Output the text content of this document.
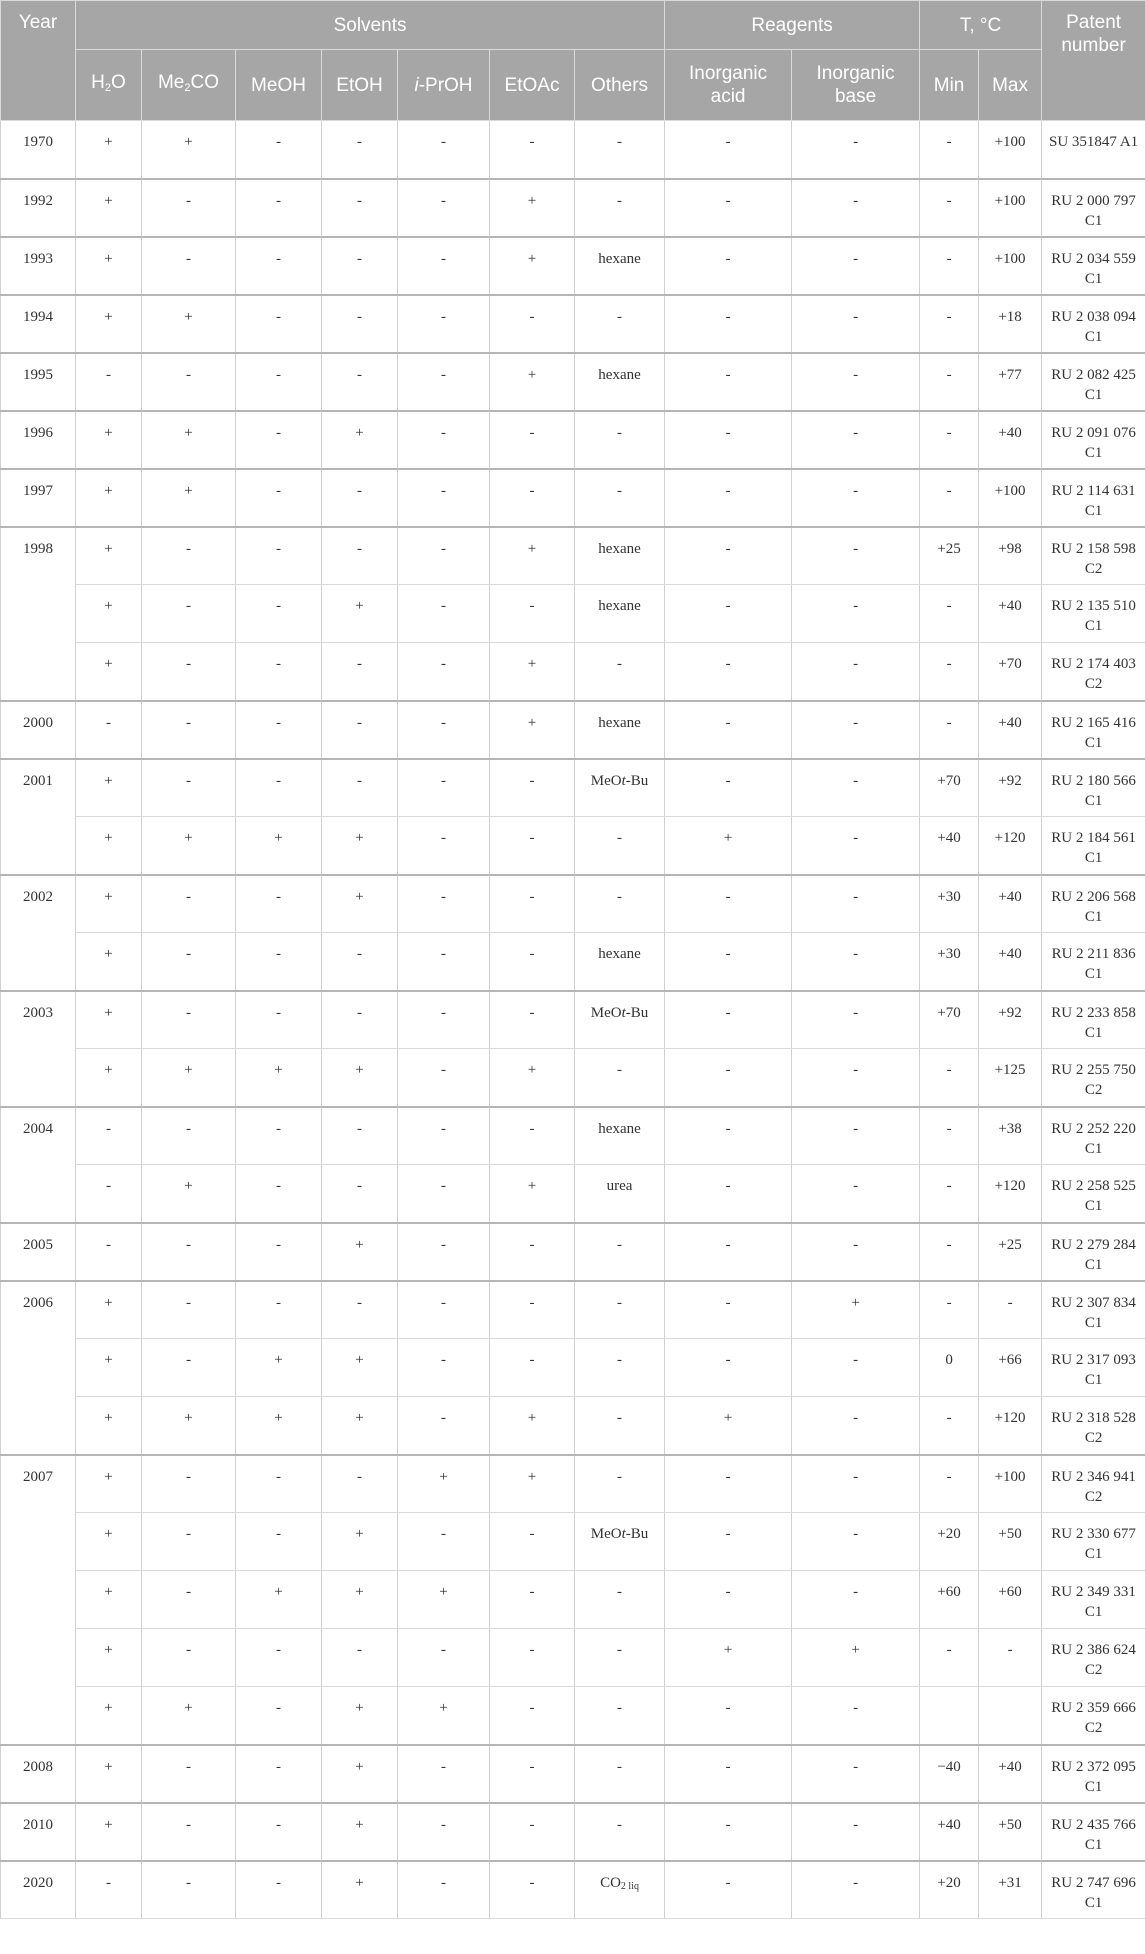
Year	Solvents							Reagents		T, °C		Patent number
	$H_2O$	$Me_2CO$	MeOH	EtOH	i-PrOH	EtOAc	Others	Inorganic acid	Inorganic base	Min	Max	
1970	+	+	-	-	-	-	-	-	-	-	+100	SU 351847 A1
1992	+	-	-	-	-	+	-	-	-	-	+100	RU 2 000 797 C1
1993	+	-	-	-	-	+	hexane	-	-	-	+100	RU 2 034 559 C1
1994	+	+	-	-	-	-	-	-	-	-	+18	RU 2 038 094 C1
1995	-	-	-	-	-	+	hexane	-	-	-	+77	RU 2 082 425 C1
1996	+	+	-	+	-	-	-	-	-	-	+40	RU 2 091 076 C1
1997	+	+	-	-	-	-	-	-	-	-	+100	RU 2 114 631 C1
1998	+	-	-	-	-	+	hexane	-	-	+25	+98	RU 2 158 598 C2
	+	-	-	+	-	-	hexane	-	-	-	+40	RU 2 135 510 C1
	+	-	-	-	-	+	-	-	-	-	+70	RU 2 174 403 C2
2000	-	-	-	-	-	+	hexane	-	-	-	+40	RU 2 165 416 C1
2001	+	-	-	-	-	-	MeOt-Bu	-	-	+70	+92	RU 2 180 566 C1
	+	+	+	+	-	-	-	+	-	+40	+120	RU 2 184 561 C1
2002	+	-	-	+	-	-	-	-	-	+30	+40	RU 2 206 568 C1
	+	-	-	-	-	-	hexane	-	-	+30	+40	RU 2 211 836 C1
2003	+	-	-	-	-	-	MeOt-Bu	-	-	+70	+92	RU 2 233 858 C1
	+	+	+	+	-	+	-	-	-	-	+125	RU 2 255 750 C2
2004	-	-	-	-	-	-	hexane	-	-	-	+38	RU 2 252 220 C1
	-	+	-	-	-	+	urea	-	-	-	+120	RU 2 258 525 C1
2005	-	-	-	+	-	-	-	-	-	-	+25	RU 2 279 284 C1
2006	+	-	-	-	-	-	-	-	+	-	-	RU 2 307 834 C1
	+	-	+	+	-	-	-	-	-	0	+66	RU 2 317 093 C1
	+	+	+	+	-	+	-	+	-	-	+120	RU 2 318 528 C2
2007	+	-	-	-	+	+	-	-	-	-	+100	RU 2 346 941 C2
	+	-	-	+	-	-	MeOt-Bu	-	-	+20	+50	RU 2 330 677 C1
	+	-	+	+	+	-	-	-	-	+60	+60	RU 2 349 331 C1
	+	-	-	-	-	-	-	+	+	-	-	RU 2 386 624 C2
	+	+	-	+	+	-	-	-	-			RU 2 359 666 C2
2008	+	-	-	+	-	-	-	-	-	−40	+40	RU 2 372 095 C1
2010	+	-	-	+	-	-	-	-	-	+40	+50	RU 2 435 766 C1
2020	-	-	-	+	-	-	CO2 liq	-	-	+20	+31	RU 2 747 696 C1
